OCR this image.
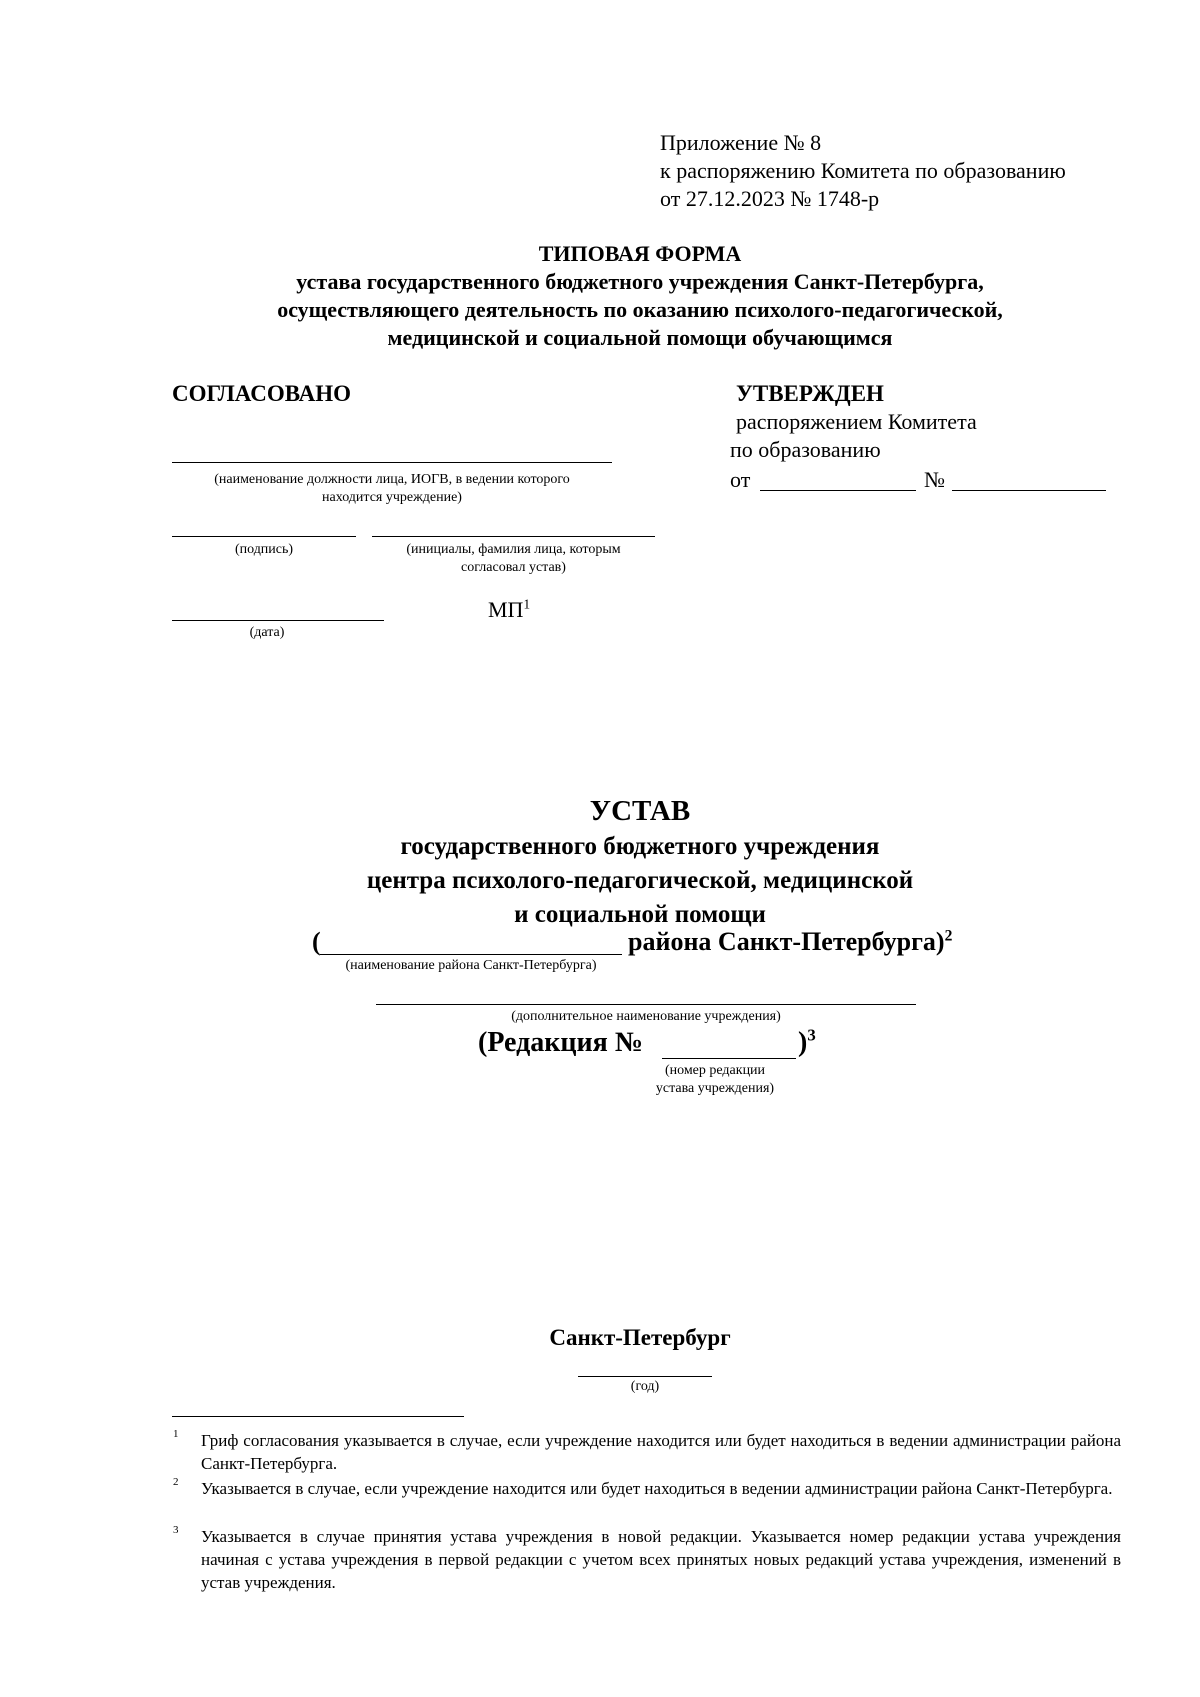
Приложение № 8
к распоряжению Комитета по образованию
от 27.12.2023 № 1748-р
ТИПОВАЯ ФОРМА
устава государственного бюджетного учреждения Санкт-Петербурга,
осуществляющего деятельность по оказанию психолого-педагогической,
медицинской и социальной помощи обучающимся
СОГЛАСОВАНО
(наименование должности лица, ИОГВ, в ведении которого
находится учреждение)
(подпись)	(инициалы, фамилия лица, которым
согласовал устав)
$МП^1$
(дата)
УТВЕРЖДЕН
распоряжением Комитета
по образованию
от	№
УСТАВ
государственного бюджетного учреждения
центра психолого-педагогической, медицинской
и социальной помощи
(	района Санкт-Петербурга)$^2$
(наименование района Санкт-Петербурга)
(дополнительное наименование учреждения)
(Редакция №	)$^3$
(номер редакции
устава учреждения)
Санкт-Петербург
(год)
1 Гриф согласования указывается в случае, если учреждение находится или будет находиться в ведении администрации района Санкт-Петербурга.
2 Указывается в случае, если учреждение находится или будет находиться в ведении администрации района Санкт-Петербурга.
3 Указывается в случае принятия устава учреждения в новой редакции. Указывается номер редакции устава учреждения начиная с устава учреждения в первой редакции с учетом всех принятых новых редакций устава учреждения, изменений в устав учреждения.
